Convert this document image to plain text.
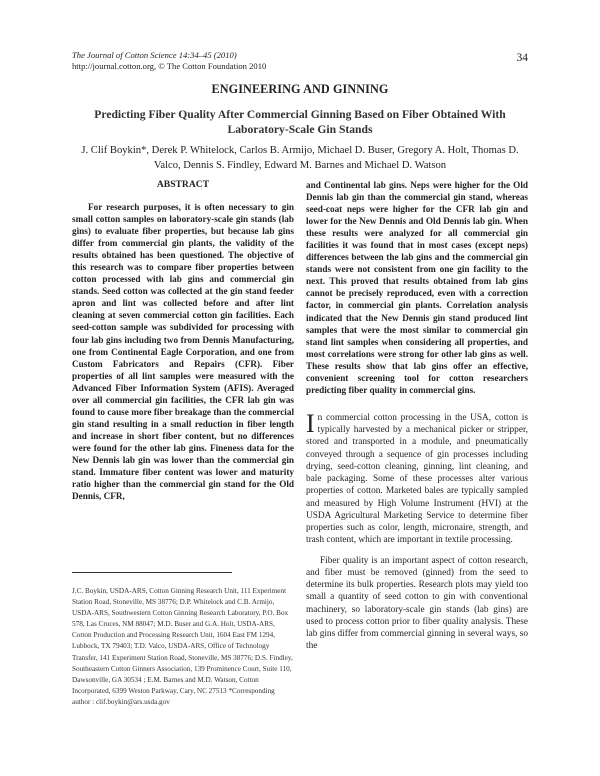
The Journal of Cotton Science 14:34–45 (2010)
http://journal.cotton.org, © The Cotton Foundation 2010
34
ENGINEERING AND GINNING
Predicting Fiber Quality After Commercial Ginning Based on Fiber Obtained With Laboratory-Scale Gin Stands
J. Clif Boykin*, Derek P. Whitelock, Carlos B. Armijo, Michael D. Buser, Gregory A. Holt, Thomas D. Valco, Dennis S. Findley, Edward M. Barnes and Michael D. Watson
ABSTRACT

For research purposes, it is often necessary to gin small cotton samples on laboratory-scale gin stands (lab gins) to evaluate fiber properties, but because lab gins differ from commercial gin plants, the validity of the results obtained has been questioned. The objective of this research was to compare fiber properties between cotton processed with lab gins and commercial gin stands. Seed cotton was collected at the gin stand feeder apron and lint was collected before and after lint cleaning at seven commercial cotton gin facilities. Each seed-cotton sample was subdivided for processing with four lab gins including two from Dennis Manufacturing, one from Continental Eagle Corporation, and one from Custom Fabricators and Repairs (CFR). Fiber properties of all lint samples were measured with the Advanced Fiber Information System (AFIS). Averaged over all commercial gin facilities, the CFR lab gin was found to cause more fiber breakage than the commercial gin stand resulting in a small reduction in fiber length and increase in short fiber content, but no differences were found for the other lab gins. Fineness data for the New Dennis lab gin was lower than the commercial gin stand. Immature fiber content was lower and maturity ratio higher than the commercial gin stand for the Old Dennis, CFR,

and Continental lab gins. Neps were higher for the Old Dennis lab gin than the commercial gin stand, whereas seed-coat neps were higher for the CFR lab gin and lower for the New Dennis and Old Dennis lab gin. When these results were analyzed for all commercial gin facilities it was found that in most cases (except neps) differences between the lab gins and the commercial gin stands were not consistent from one gin facility to the next. This proved that results obtained from lab gins cannot be precisely reproduced, even with a correction factor, in commercial gin plants. Correlation analysis indicated that the New Dennis gin stand produced lint samples that were the most similar to commercial gin stand lint samples when considering all properties, and most correlations were strong for other lab gins as well. These results show that lab gins offer an effective, convenient screening tool for cotton researchers predicting fiber quality in commercial gins.

In commercial cotton processing in the USA, cotton is typically harvested by a mechanical picker or stripper, stored and transported in a module, and pneumatically conveyed through a sequence of gin processes including drying, seed-cotton cleaning, ginning, lint cleaning, and bale packaging. Some of these processes alter various properties of cotton. Marketed bales are typically sampled and measured by High Volume Instrument (HVI) at the USDA Agricultural Marketing Service to determine fiber properties such as color, length, micronaire, strength, and trash content, which are important in textile processing.

Fiber quality is an important aspect of cotton research, and fiber must be removed (ginned) from the seed to determine its bulk properties. Research plots may yield too small a quantity of seed cotton to gin with conventional machinery, so laboratory-scale gin stands (lab gins) are used to process cotton prior to fiber quality analysis. These lab gins differ from commercial ginning in several ways, so the

J.C. Boykin, USDA-ARS, Cotton Ginning Research Unit, 111 Experiment Station Road, Stoneville, MS 38776; D.P. Whitelock and C.B. Armijo, USDA-ARS, Southwestern Cotton Ginning Research Laboratory, P.O. Box 578, Las Cruces, NM 88047; M.D. Buser and G.A. Holt, USDA-ARS, Cotton Production and Processing Research Unit, 1604 East FM 1294, Lubbock, TX 79403; T.D. Valco, USDA-ARS, Office of Technology Transfer, 141 Experiment Station Road, Stoneville, MS 38776; D.S. Findley, Southeastern Cotton Ginners Association, 139 Prominence Court, Suite 110, Dawsonville, GA 30534 ; E.M. Barnes and M.D. Watson, Cotton Incorporated, 6399 Weston Parkway, Cary, NC 27513 *Corresponding author : clif.boykin@ars.usda.gov
